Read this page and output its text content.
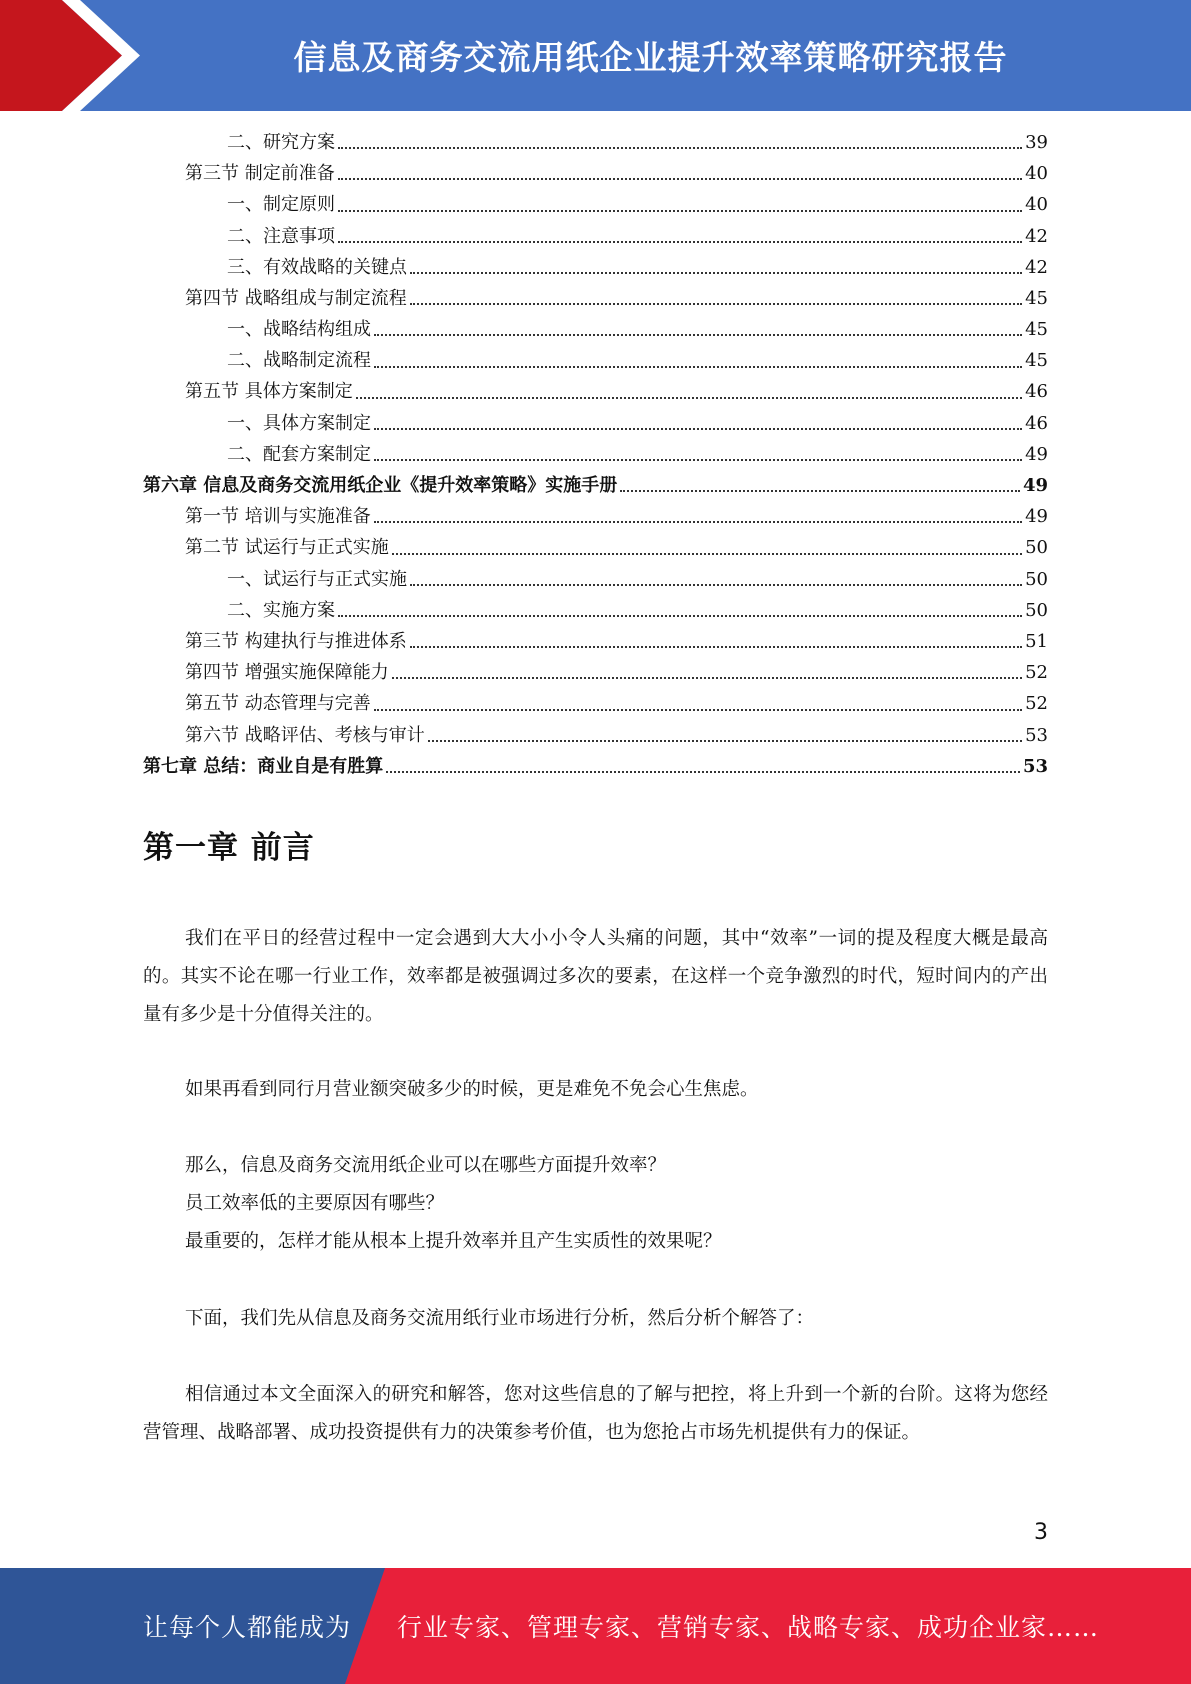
信息及商务交流用纸企业提升效率策略研究报告
二、研究方案	39
第三节 制定前准备	40
一、制定原则	40
二、注意事项	42
三、有效战略的关键点	42
第四节 战略组成与制定流程	45
一、战略结构组成	45
二、战略制定流程	45
第五节 具体方案制定	46
一、具体方案制定	46
二、配套方案制定	49
第六章 信息及商务交流用纸企业《提升效率策略》实施手册	49
第一节 培训与实施准备	49
第二节 试运行与正式实施	50
一、试运行与正式实施	50
二、实施方案	50
第三节 构建执行与推进体系	51
第四节 增强实施保障能力	52
第五节 动态管理与完善	52
第六节 战略评估、考核与审计	53
第七章 总结：商业自是有胜算	53
第一章 前言

我们在平日的经营过程中一定会遇到大大小小令人头痛的问题，其中“效率”一词的提及程度大概是最高的。其实不论在哪一行业工作，效率都是被强调过多次的要素，在这样一个竞争激烈的时代，短时间内的产出量有多少是十分值得关注的。

如果再看到同行月营业额突破多少的时候，更是难免不免会心生焦虑。

那么，信息及商务交流用纸企业可以在哪些方面提升效率？

员工效率低的主要原因有哪些？

最重要的，怎样才能从根本上提升效率并且产生实质性的效果呢？

下面，我们先从信息及商务交流用纸行业市场进行分析，然后分析个解答了：

相信通过本文全面深入的研究和解答，您对这些信息的了解与把控，将上升到一个新的台阶。这将为您经营管理、战略部署、成功投资提供有力的决策参考价值，也为您抢占市场先机提供有力的保证。

3
让每个人都能成为 行业专家、管理专家、营销专家、战略专家、成功企业家……
